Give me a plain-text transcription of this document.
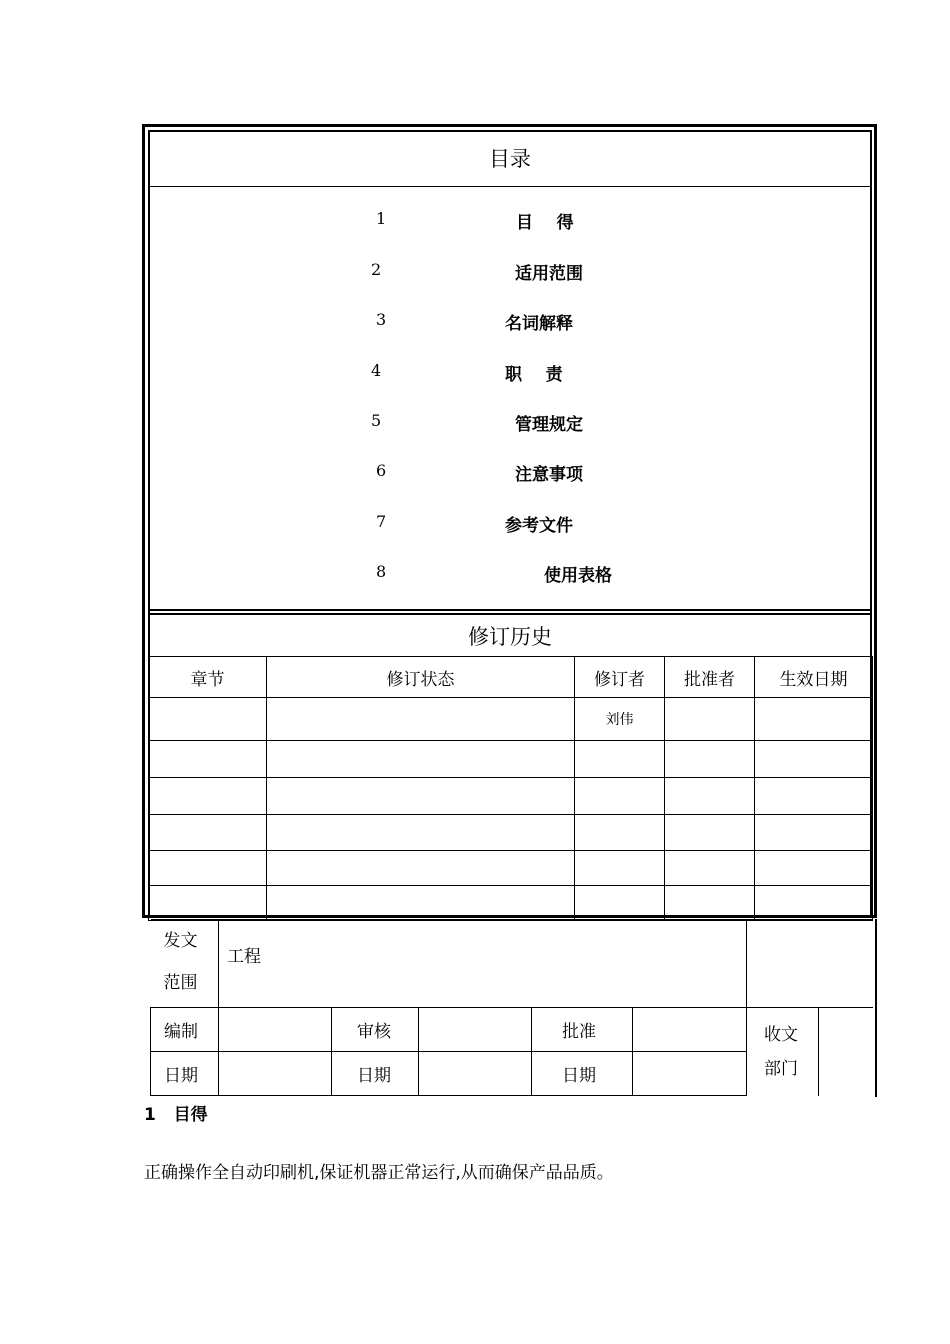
目录
1	目    得
2	适用范围
3	名词解释
4	职    责
5	管理规定
6	注意事项
7	参考文件
8	使用表格
修订历史
章节	修订状态	修订者	批准者	生效日期
		刘伟		

发文
范围	工程						
编制		审核		批准		收文
部门	

日期		日期		日期			
1   目得
正确操作全自动印刷机,保证机器正常运行,从而确保产品品质。
